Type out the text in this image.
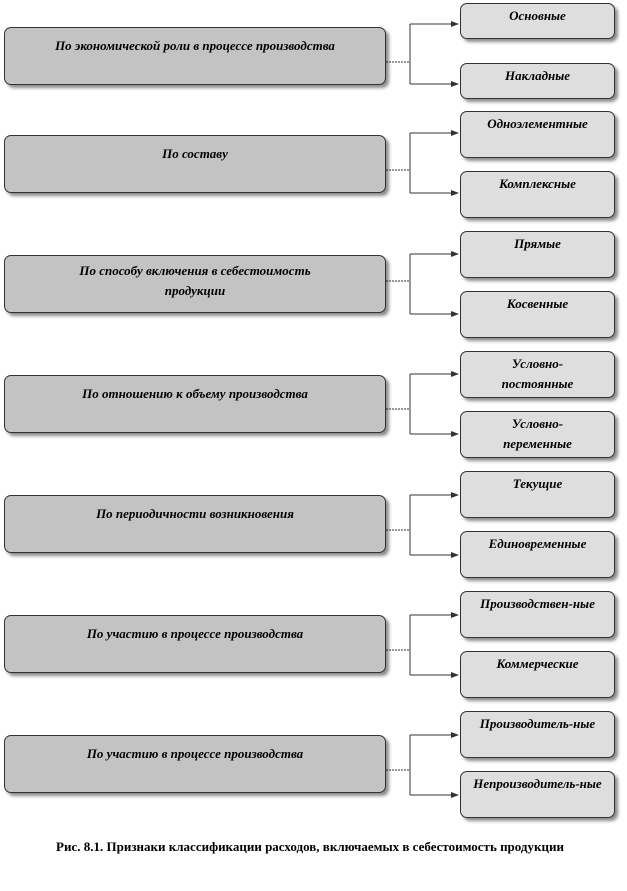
По экономической роли в процессе производства
Основные
Накладные
По составу
Одноэлементные
Комплексные
По способу включения в себестоимость продукции
Прямые
Косвенные
По отношению к объему производства
Условно-постоянные
Условно-переменные
По периодичности возникновения
Текущие
Единовременные
По участию в процессе производства
Производствен-ные
Коммерческие
По участию в процессе производства
Производитель-ные
Непроизводитель-ные
Рис. 8.1. Признаки классификации расходов, включаемых в себестоимость продукции
